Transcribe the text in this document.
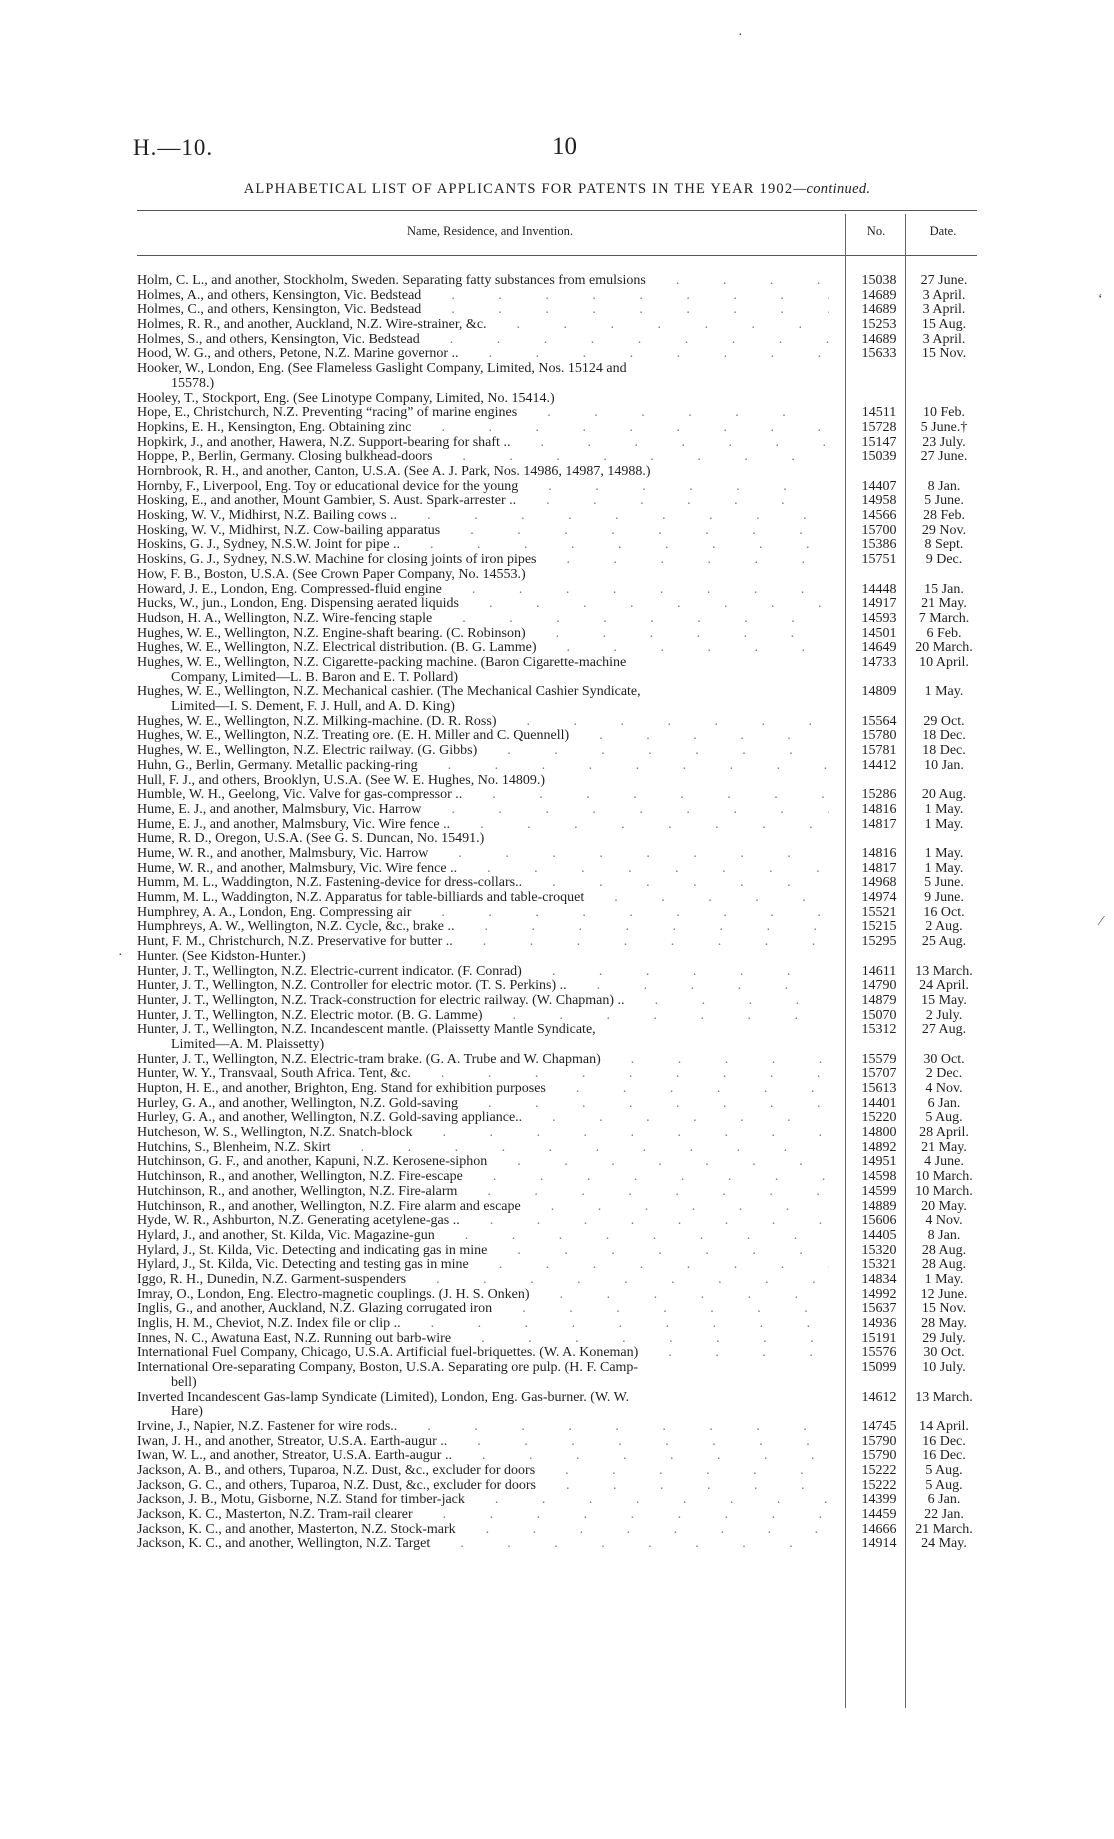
H.—10.	10
ALPHABETICAL LIST OF APPLICANTS FOR PATENTS IN THE YEAR 1902—continued.
Name, Residence, and Invention.	No.	Date.
Holm, C. L., and another, Stockholm, Sweden. Separating fatty substances from emulsions . . .	15038	27 June.
Holmes, A., and others, Kensington, Vic. Bedstead . . .	14689	3 April.
Holmes, C., and others, Kensington, Vic. Bedstead . . .	14689	3 April.
Holmes, R. R., and another, Auckland, N.Z. Wire-strainer, &c. . . .	15253	15 Aug.
Holmes, S., and others, Kensington, Vic. Bedstead . . .	14689	3 April.
Hood, W. G., and others, Petone, N.Z. Marine governor .. . . .	15633	15 Nov.
Hooker, W., London, Eng. (See Flameless Gaslight Company, Limited, Nos. 15124 and
15578.)
Hooley, T., Stockport, Eng. (See Linotype Company, Limited, No. 15414.)
Hope, E., Christchurch, N.Z. Preventing “racing” of marine engines . . .	14511	10 Feb.
Hopkins, E. H., Kensington, Eng. Obtaining zinc . . .	15728	5 June.†
Hopkirk, J., and another, Hawera, N.Z. Support-bearing for shaft .. . . .	15147	23 July.
Hoppe, P., Berlin, Germany. Closing bulkhead-doors . . .	15039	27 June.
Hornbrook, R. H., and another, Canton, U.S.A. (See A. J. Park, Nos. 14986, 14987, 14988.)
Hornby, F., Liverpool, Eng. Toy or educational device for the young . . .	14407	8 Jan.
Hosking, E., and another, Mount Gambier, S. Aust. Spark-arrester .. . . .	14958	5 June.
Hosking, W. V., Midhirst, N.Z. Bailing cows .. . . .	14566	28 Feb.
Hosking, W. V., Midhirst, N.Z. Cow-bailing apparatus . . .	15700	29 Nov.
Hoskins, G. J., Sydney, N.S.W. Joint for pipe .. . . .	15386	8 Sept.
Hoskins, G. J., Sydney, N.S.W. Machine for closing joints of iron pipes . . .	15751	9 Dec.
How, F. B., Boston, U.S.A. (See Crown Paper Company, No. 14553.)
Howard, J. E., London, Eng. Compressed-fluid engine . . .	14448	15 Jan.
Hucks, W., jun., London, Eng. Dispensing aerated liquids . . .	14917	21 May.
Hudson, H. A., Wellington, N.Z. Wire-fencing staple . . .	14593	7 March.
Hughes, W. E., Wellington, N.Z. Engine-shaft bearing. (C. Robinson) . . .	14501	6 Feb.
Hughes, W. E., Wellington, N.Z. Electrical distribution. (B. G. Lamme) . . .	14649	20 March.
Hughes, W. E., Wellington, N.Z. Cigarette-packing machine. (Baron Cigarette-machine
Company, Limited—L. B. Baron and E. T. Pollard)
14733	10 April.
Hughes, W. E., Wellington, N.Z. Mechanical cashier. (The Mechanical Cashier Syndicate,
Limited—I. S. Dement, F. J. Hull, and A. D. King)
14809	1 May.
Hughes, W. E., Wellington, N.Z. Milking-machine. (D. R. Ross) . . .	15564	29 Oct.
Hughes, W. E., Wellington, N.Z. Treating ore. (E. H. Miller and C. Quennell) . . .	15780	18 Dec.
Hughes, W. E., Wellington, N.Z. Electric railway. (G. Gibbs) . . .	15781	18 Dec.
Huhn, G., Berlin, Germany. Metallic packing-ring . . .	14412	10 Jan.
Hull, F. J., and others, Brooklyn, U.S.A. (See W. E. Hughes, No. 14809.)
Humble, W. H., Geelong, Vic. Valve for gas-compressor .. . . .	15286	20 Aug.
Hume, E. J., and another, Malmsbury, Vic. Harrow . . .	14816	1 May.
Hume, E. J., and another, Malmsbury, Vic. Wire fence .. . . .	14817	1 May.
Hume, R. D., Oregon, U.S.A. (See G. S. Duncan, No. 15491.)
Hume, W. R., and another, Malmsbury, Vic. Harrow . . .	14816	1 May.
Hume, W. R., and another, Malmsbury, Vic. Wire fence .. . . .	14817	1 May.
Humm, M. L., Waddington, N.Z. Fastening-device for dress-collars.. . . .	14968	5 June.
Humm, M. L., Waddington, N.Z. Apparatus for table-billiards and table-croquet . . .	14974	9 June.
Humphrey, A. A., London, Eng. Compressing air . . .	15521	16 Oct.
Humphreys, A. W., Wellington, N.Z. Cycle, &c., brake .. . . .	15215	2 Aug.
Hunt, F. M., Christchurch, N.Z. Preservative for butter .. . . .	15295	25 Aug.
Hunter. (See Kidston-Hunter.)
Hunter, J. T., Wellington, N.Z. Electric-current indicator. (F. Conrad) . . .	14611	13 March.
Hunter, J. T., Wellington, N.Z. Controller for electric motor. (T. S. Perkins) .. . . .	14790	24 April.
Hunter, J. T., Wellington, N.Z. Track-construction for electric railway. (W. Chapman) .. . . .	14879	15 May.
Hunter, J. T., Wellington, N.Z. Electric motor. (B. G. Lamme) . . .	15070	2 July.
Hunter, J. T., Wellington, N.Z. Incandescent mantle. (Plaissetty Mantle Syndicate,
Limited—A. M. Plaissetty)
15312	27 Aug.
Hunter, J. T., Wellington, N.Z. Electric-tram brake. (G. A. Trube and W. Chapman) . . .	15579	30 Oct.
Hunter, W. Y., Transvaal, South Africa. Tent, &c. . . .	15707	2 Dec.
Hupton, H. E., and another, Brighton, Eng. Stand for exhibition purposes . . .	15613	4 Nov.
Hurley, G. A., and another, Wellington, N.Z. Gold-saving . . .	14401	6 Jan.
Hurley, G. A., and another, Wellington, N.Z. Gold-saving appliance.. . . .	15220	5 Aug.
Hutcheson, W. S., Wellington, N.Z. Snatch-block . . .	14800	28 April.
Hutchins, S., Blenheim, N.Z. Skirt . . .	14892	21 May.
Hutchinson, G. F., and another, Kapuni, N.Z. Kerosene-siphon . . .	14951	4 June.
Hutchinson, R., and another, Wellington, N.Z. Fire-escape . . .	14598	10 March.
Hutchinson, R., and another, Wellington, N.Z. Fire-alarm . . .	14599	10 March.
Hutchinson, R., and another, Wellington, N.Z. Fire alarm and escape . . .	14889	20 May.
Hyde, W. R., Ashburton, N.Z. Generating acetylene-gas .. . . .	15606	4 Nov.
Hylard, J., and another, St. Kilda, Vic. Magazine-gun . . .	14405	8 Jan.
Hylard, J., St. Kilda, Vic. Detecting and indicating gas in mine . . .	15320	28 Aug.
Hylard, J., St. Kilda, Vic. Detecting and testing gas in mine . . .	15321	28 Aug.
Iggo, R. H., Dunedin, N.Z. Garment-suspenders . . .	14834	1 May.
Imray, O., London, Eng. Electro-magnetic couplings. (J. H. S. Onken) . . .	14992	12 June.
Inglis, G., and another, Auckland, N.Z. Glazing corrugated iron . . .	15637	15 Nov.
Inglis, H. M., Cheviot, N.Z. Index file or clip .. . . .	14936	28 May.
Innes, N. C., Awatuna East, N.Z. Running out barb-wire . . .	15191	29 July.
International Fuel Company, Chicago, U.S.A. Artificial fuel-briquettes. (W. A. Koneman) . . .	15576	30 Oct.
International Ore-separating Company, Boston, U.S.A. Separating ore pulp. (H. F. Camp-
bell)
15099	10 July.
Inverted Incandescent Gas-lamp Syndicate (Limited), London, Eng. Gas-burner. (W. W.
Hare)
14612	13 March.
Irvine, J., Napier, N.Z. Fastener for wire rods.. . . .	14745	14 April.
Iwan, J. H., and another, Streator, U.S.A. Earth-augur .. . . .	15790	16 Dec.
Iwan, W. L., and another, Streator, U.S.A. Earth-augur .. . . .	15790	16 Dec.
Jackson, A. B., and others, Tuparoa, N.Z. Dust, &c., excluder for doors . . .	15222	5 Aug.
Jackson, G. C., and others, Tuparoa, N.Z. Dust, &c., excluder for doors . . .	15222	5 Aug.
Jackson, J. B., Motu, Gisborne, N.Z. Stand for timber-jack . . .	14399	6 Jan.
Jackson, K. C., Masterton, N.Z. Tram-rail clearer . . .	14459	22 Jan.
Jackson, K. C., and another, Masterton, N.Z. Stock-mark . . .	14666	21 March.
Jackson, K. C., and another, Wellington, N.Z. Target . . .	14914	24 May.
‘
⁄
·
·
